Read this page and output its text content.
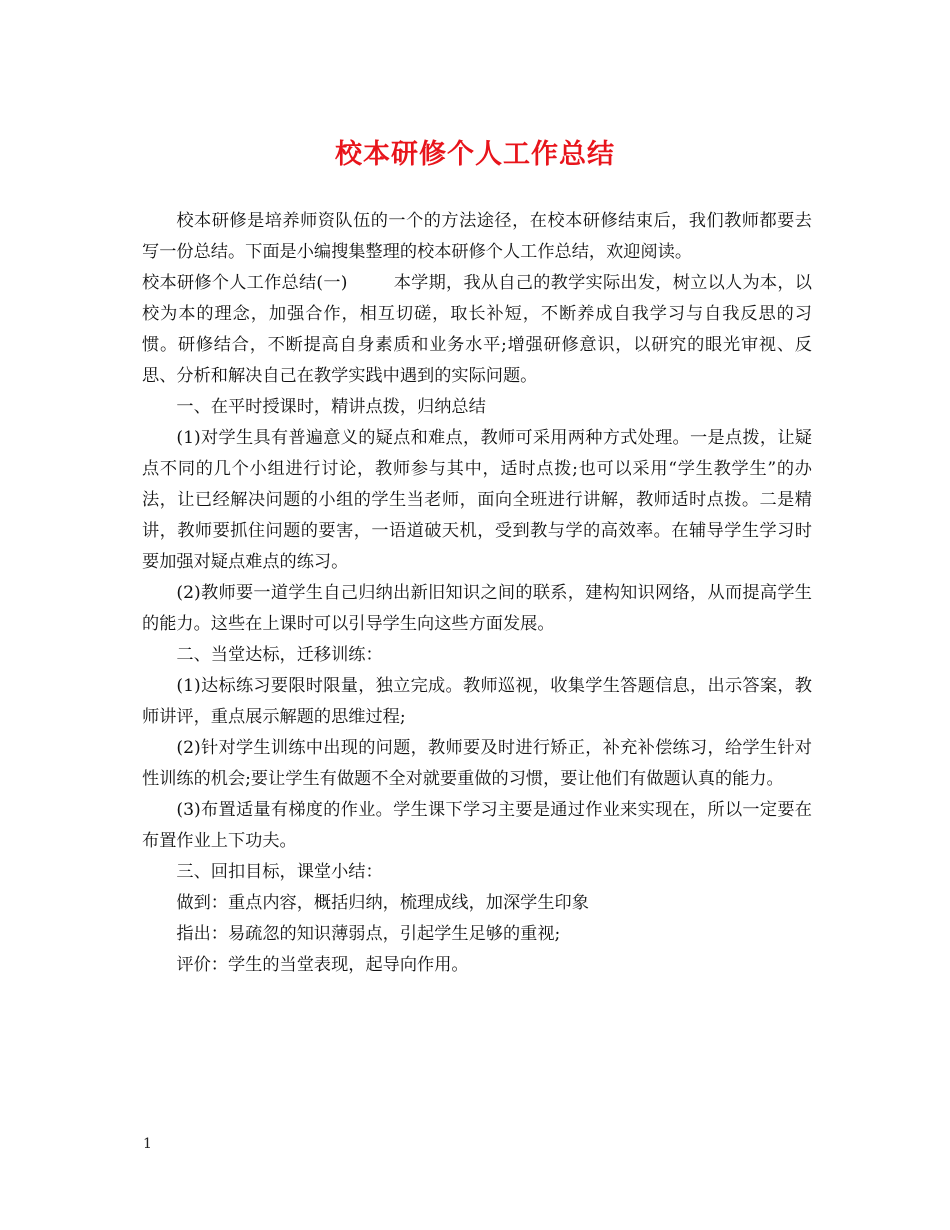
校本研修个人工作总结

校本研修是培养师资队伍的一个的方法途径，在校本研修结束后，我们教师都要去写一份总结。下面是小编搜集整理的校本研修个人工作总结，欢迎阅读。

校本研修个人工作总结(一)	本学期，我从自己的教学实际出发，树立以人为本，以校为本的理念，加强合作，相互切磋，取长补短，不断养成自我学习与自我反思的习惯。研修结合，不断提高自身素质和业务水平;增强研修意识，以研究的眼光审视、反思、分析和解决自己在教学实践中遇到的实际问题。

一、在平时授课时，精讲点拨，归纳总结

(1)对学生具有普遍意义的疑点和难点，教师可采用两种方式处理。一是点拨，让疑点不同的几个小组进行讨论，教师参与其中，适时点拨;也可以采用“学生教学生”的办法，让已经解决问题的小组的学生当老师，面向全班进行讲解，教师适时点拨。二是精讲，教师要抓住问题的要害，一语道破天机，受到教与学的高效率。在辅导学生学习时要加强对疑点难点的练习。

(2)教师要一道学生自己归纳出新旧知识之间的联系，建构知识网络，从而提高学生的能力。这些在上课时可以引导学生向这些方面发展。

二、当堂达标，迁移训练：

(1)达标练习要限时限量，独立完成。教师巡视，收集学生答题信息，出示答案，教师讲评，重点展示解题的思维过程;

(2)针对学生训练中出现的问题，教师要及时进行矫正，补充补偿练习，给学生针对性训练的机会;要让学生有做题不全对就要重做的习惯，要让他们有做题认真的能力。

(3)布置适量有梯度的作业。学生课下学习主要是通过作业来实现在，所以一定要在布置作业上下功夫。

三、回扣目标，课堂小结：

做到：重点内容，概括归纳，梳理成线，加深学生印象

指出：易疏忽的知识薄弱点，引起学生足够的重视;

评价：学生的当堂表现，起导向作用。

1
